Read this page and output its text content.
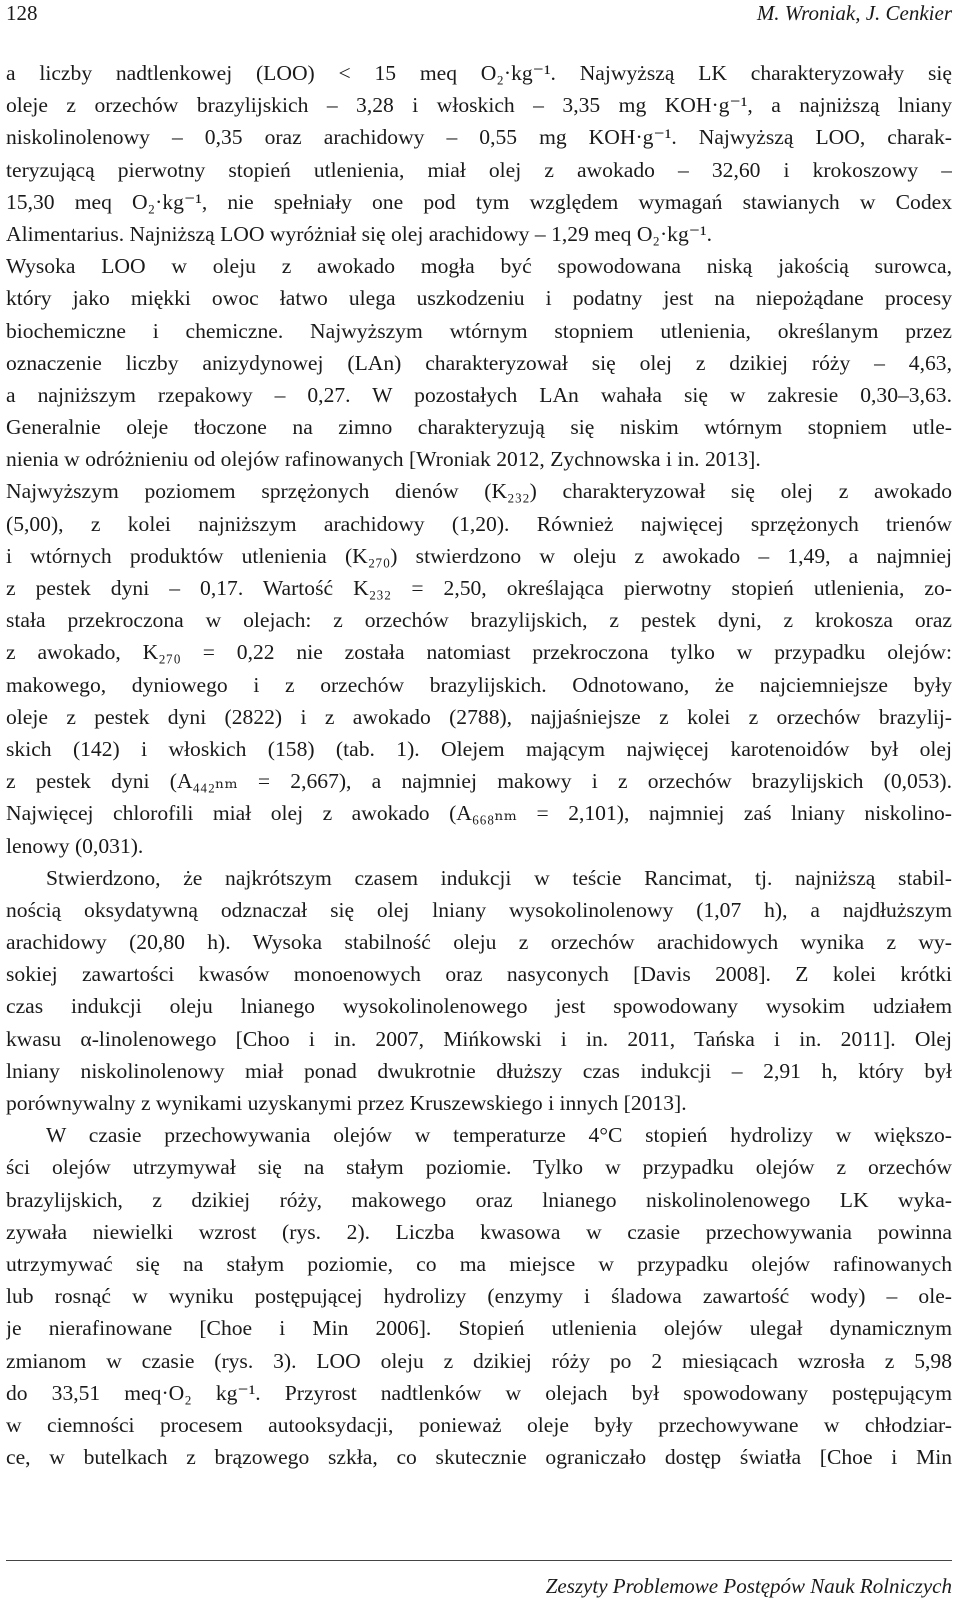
128	M. Wroniak, J. Cenkier
a liczby nadtlenkowej (LOO) < 15 meq O₂·kg⁻¹. Najwyższą LK charakteryzowały się
oleje z orzechów brazylijskich – 3,28 i włoskich – 3,35 mg KOH·g⁻¹, a najniższą lniany
niskolinolenowy – 0,35 oraz arachidowy – 0,55 mg KOH·g⁻¹. Najwyższą LOO, charak-
teryzującą pierwotny stopień utlenienia, miał olej z awokado – 32,60 i krokoszowy –
15,30 meq O₂·kg⁻¹, nie spełniały one pod tym względem wymagań stawianych w Codex
Alimentarius. Najniższą LOO wyróżniał się olej arachidowy – 1,29 meq O₂·kg⁻¹.
Wysoka LOO w oleju z awokado mogła być spowodowana niską jakością surowca,
który jako miękki owoc łatwo ulega uszkodzeniu i podatny jest na niepożądane procesy
biochemiczne i chemiczne. Najwyższym wtórnym stopniem utlenienia, określanym przez
oznaczenie liczby anizydynowej (LAn) charakteryzował się olej z dzikiej róży – 4,63,
a najniższym rzepakowy – 0,27. W pozostałych LAn wahała się w zakresie 0,30–3,63.
Generalnie oleje tłoczone na zimno charakteryzują się niskim wtórnym stopniem utle-
nienia w odróżnieniu od olejów rafinowanych [Wroniak 2012, Zychnowska i in. 2013].
Najwyższym poziomem sprzężonych dienów (K₂₃₂) charakteryzował się olej z awokado
(5,00), z kolei najniższym arachidowy (1,20). Również najwięcej sprzężonych trienów
i wtórnych produktów utlenienia (K₂₇₀) stwierdzono w oleju z awokado – 1,49, a najmniej
z pestek dyni – 0,17. Wartość K₂₃₂ = 2,50, określająca pierwotny stopień utlenienia, zo-
stała przekroczona w olejach: z orzechów brazylijskich, z pestek dyni, z krokosza oraz
z awokado, K₂₇₀ = 0,22 nie została natomiast przekroczona tylko w przypadku olejów:
makowego, dyniowego i z orzechów brazylijskich. Odnotowano, że najciemniejsze były
oleje z pestek dyni (2822) i z awokado (2788), najjaśniejsze z kolei z orzechów brazylij-
skich (142) i włoskich (158) (tab. 1). Olejem mającym najwięcej karotenoidów był olej
z pestek dyni (A₄₄₂ₙₘ = 2,667), a najmniej makowy i z orzechów brazylijskich (0,053).
Najwięcej chlorofili miał olej z awokado (A₆₆₈ₙₘ = 2,101), najmniej zaś lniany niskolino-
lenowy (0,031).
Stwierdzono, że najkrótszym czasem indukcji w teście Rancimat, tj. najniższą stabil-
nością oksydatywną odznaczał się olej lniany wysokolinolenowy (1,07 h), a najdłuższym
arachidowy (20,80 h). Wysoka stabilność oleju z orzechów arachidowych wynika z wy-
sokiej zawartości kwasów monoenowych oraz nasyconych [Davis 2008]. Z kolei krótki
czas indukcji oleju lnianego wysokolinolenowego jest spowodowany wysokim udziałem
kwasu α-linolenowego [Choo i in. 2007, Mińkowski i in. 2011, Tańska i in. 2011]. Olej
lniany niskolinolenowy miał ponad dwukrotnie dłuższy czas indukcji – 2,91 h, który był
porównywalny z wynikami uzyskanymi przez Kruszewskiego i innych [2013].
W czasie przechowywania olejów w temperaturze 4°C stopień hydrolizy w większo-
ści olejów utrzymywał się na stałym poziomie. Tylko w przypadku olejów z orzechów
brazylijskich, z dzikiej róży, makowego oraz lnianego niskolinolenowego LK wyka-
zywała niewielki wzrost (rys. 2). Liczba kwasowa w czasie przechowywania powinna
utrzymywać się na stałym poziomie, co ma miejsce w przypadku olejów rafinowanych
lub rosnąć w wyniku postępującej hydrolizy (enzymy i śladowa zawartość wody) – ole-
je nierafinowane [Choe i Min 2006]. Stopień utlenienia olejów ulegał dynamicznym
zmianom w czasie (rys. 3). LOO oleju z dzikiej róży po 2 miesiącach wzrosła z 5,98
do 33,51 meq·O₂ kg⁻¹. Przyrost nadtlenków w olejach był spowodowany postępującym
w ciemności procesem autooksydacji, ponieważ oleje były przechowywane w chłodziar-
ce, w butelkach z brązowego szkła, co skutecznie ograniczało dostęp światła [Choe i Min
Zeszyty Problemowe Postępów Nauk Rolniczych
